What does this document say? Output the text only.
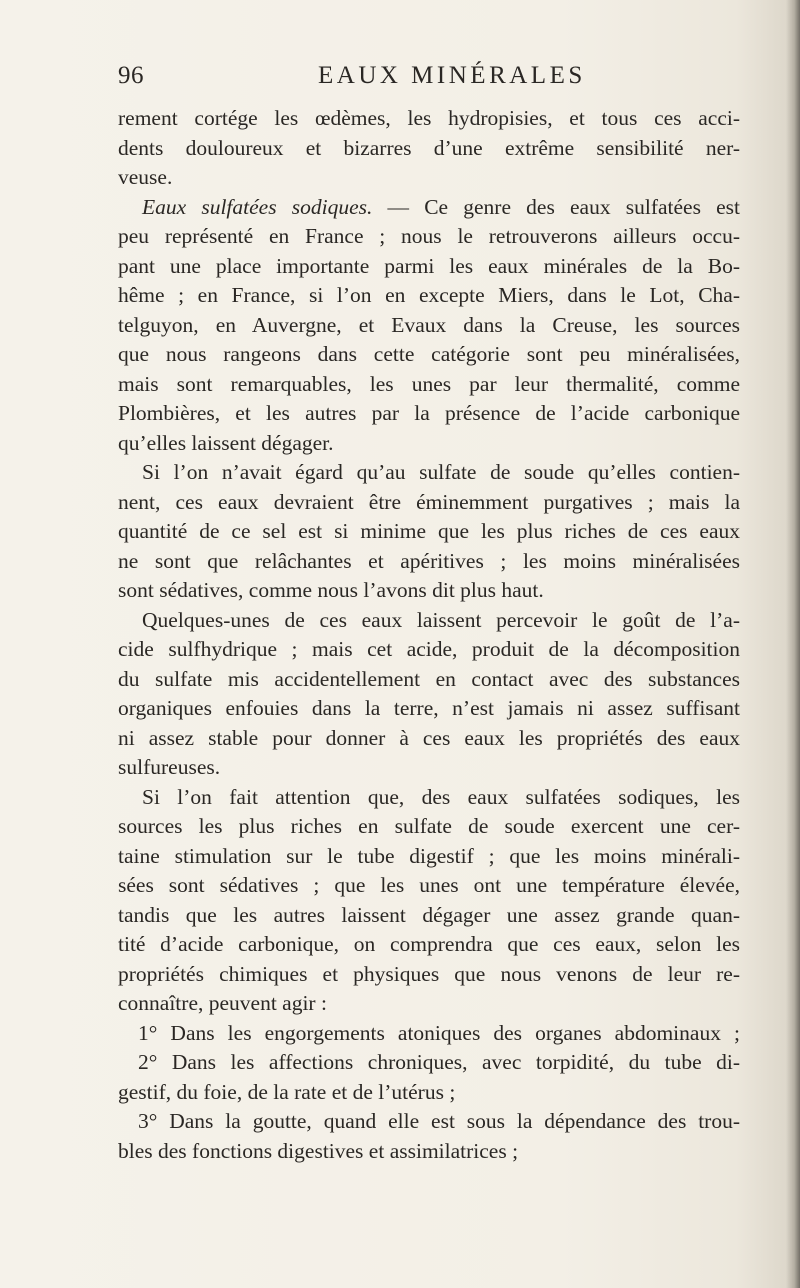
96	EAUX MINÉRALES
rement cortége les œdèmes, les hydropisies, et tous ces acci-
dents douloureux et bizarres d’une extrême sensibilité ner-
veuse.
Eaux sulfatées sodiques. — Ce genre des eaux sulfatées est
peu représenté en France ; nous le retrouverons ailleurs occu-
pant une place importante parmi les eaux minérales de la Bo-
hême ; en France, si l’on en excepte Miers, dans le Lot, Cha-
telguyon, en Auvergne, et Evaux dans la Creuse, les sources
que nous rangeons dans cette catégorie sont peu minéralisées,
mais sont remarquables, les unes par leur thermalité, comme
Plombières, et les autres par la présence de l’acide carbonique
qu’elles laissent dégager.
Si l’on n’avait égard qu’au sulfate de soude qu’elles contien-
nent, ces eaux devraient être éminemment purgatives ; mais la
quantité de ce sel est si minime que les plus riches de ces eaux
ne sont que relâchantes et apéritives ; les moins minéralisées
sont sédatives, comme nous l’avons dit plus haut.
Quelques-unes de ces eaux laissent percevoir le goût de l’a-
cide sulfhydrique ; mais cet acide, produit de la décomposition
du sulfate mis accidentellement en contact avec des substances
organiques enfouies dans la terre, n’est jamais ni assez suffisant
ni assez stable pour donner à ces eaux les propriétés des eaux
sulfureuses.
Si l’on fait attention que, des eaux sulfatées sodiques, les
sources les plus riches en sulfate de soude exercent une cer-
taine stimulation sur le tube digestif ; que les moins minérali-
sées sont sédatives ; que les unes ont une température élevée,
tandis que les autres laissent dégager une assez grande quan-
tité d’acide carbonique, on comprendra que ces eaux, selon les
propriétés chimiques et physiques que nous venons de leur re-
connaître, peuvent agir :
1° Dans les engorgements atoniques des organes abdominaux ;
2° Dans les affections chroniques, avec torpidité, du tube di-
gestif, du foie, de la rate et de l’utérus ;
3° Dans la goutte, quand elle est sous la dépendance des trou-
bles des fonctions digestives et assimilatrices ;
